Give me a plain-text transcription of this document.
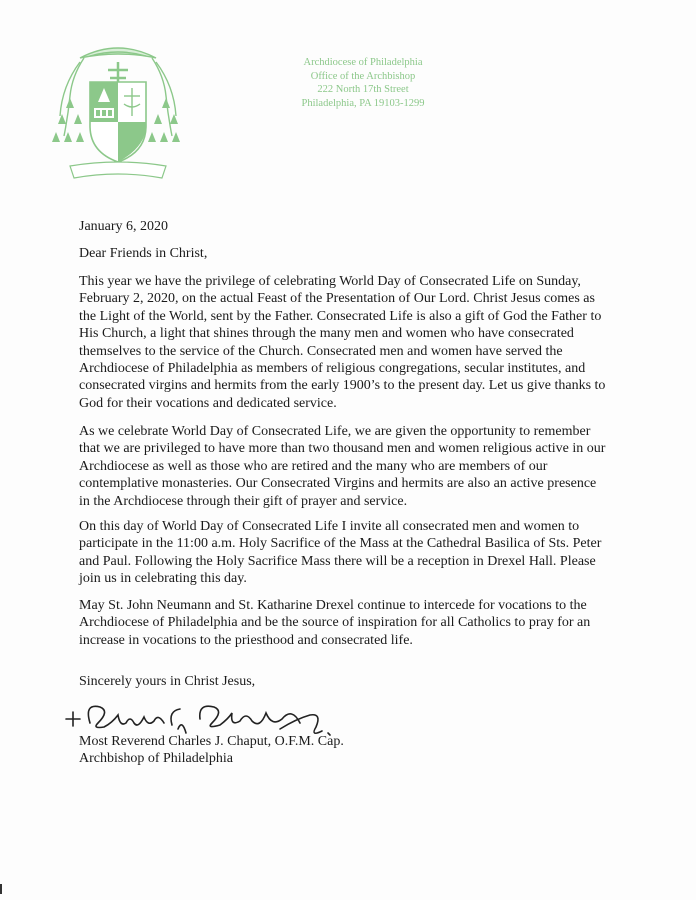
Archdiocese of Philadelphia
Office of the Archbishop
222 North 17th Street
Philadelphia, PA 19103-1299
January 6, 2020
Dear Friends in Christ,
This year we have the privilege of celebrating World Day of Consecrated Life on Sunday, February 2, 2020, on the actual Feast of the Presentation of Our Lord. Christ Jesus comes as the Light of the World, sent by the Father. Consecrated Life is also a gift of God the Father to His Church, a light that shines through the many men and women who have consecrated themselves to the service of the Church. Consecrated men and women have served the Archdiocese of Philadelphia as members of religious congregations, secular institutes, and consecrated virgins and hermits from the early 1900’s to the present day. Let us give thanks to God for their vocations and dedicated service.
As we celebrate World Day of Consecrated Life, we are given the opportunity to remember that we are privileged to have more than two thousand men and women religious active in our Archdiocese as well as those who are retired and the many who are members of our contemplative monasteries. Our Consecrated Virgins and hermits are also an active presence in the Archdiocese through their gift of prayer and service.
On this day of World Day of Consecrated Life I invite all consecrated men and women to participate in the 11:00 a.m. Holy Sacrifice of the Mass at the Cathedral Basilica of Sts. Peter and Paul. Following the Holy Sacrifice Mass there will be a reception in Drexel Hall. Please join us in celebrating this day.
May St. John Neumann and St. Katharine Drexel continue to intercede for vocations to the Archdiocese of Philadelphia and be the source of inspiration for all Catholics to pray for an increase in vocations to the priesthood and consecrated life.
Sincerely yours in Christ Jesus,
Most Reverend Charles J. Chaput, O.F.M. Cap.
Archbishop of Philadelphia
